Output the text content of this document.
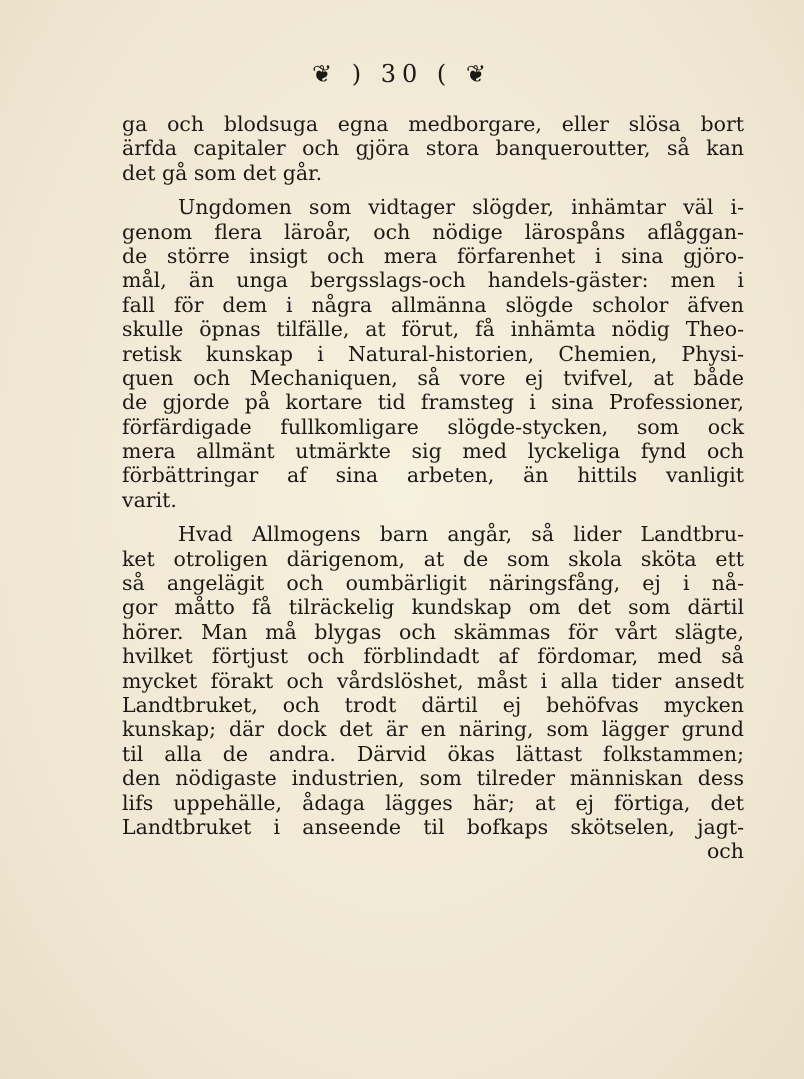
❦ ) 30 ( ❦
ga och blodsuga egna medborgare, eller slösa bort
ärfda capitaler och gjöra stora banqueroutter, så kan
det gå som det går.
Ungdomen som vidtager slögder, inhämtar väl i-
genom flera läroår, och nödige lärospåns aflåggan-
de större insigt och mera förfarenhet i sina gjöro-
mål, än unga bergsslags-och handels-gäster: men i
fall för dem i några allmänna slögde scholor äfven
skulle öpnas tilfälle, at förut, få inhämta nödig Theo-
retisk kunskap i Natural-historien, Chemien, Physi-
quen och Mechaniquen, så vore ej tvifvel, at både
de gjorde på kortare tid framsteg i sina Professioner,
förfärdigade fullkomligare slögde-stycken, som ock
mera allmänt utmärkte sig med lyckeliga fynd och
förbättringar af sina arbeten, än hittils vanligit
varit.
Hvad Allmogens barn angår, så lider Landtbru-
ket otroligen därigenom, at de som skola sköta ett
så angelägit och oumbärligit näringsfång, ej i nå-
gor måtto få tilräckelig kundskap om det som därtil
hörer. Man må blygas och skämmas för vårt slägte,
hvilket förtjust och förblindadt af fördomar, med så
mycket förakt och vårdslöshet, måst i alla tider ansedt
Landtbruket, och trodt därtil ej behöfvas mycken
kunskap; där dock det är en näring, som lägger grund
til alla de andra. Därvid ökas lättast folkstammen;
den nödigaste industrien, som tilreder människan dess
lifs uppehälle, ådaga lägges här; at ej förtiga, det
Landtbruket i anseende til bofkaps skötselen, jagt-
och
